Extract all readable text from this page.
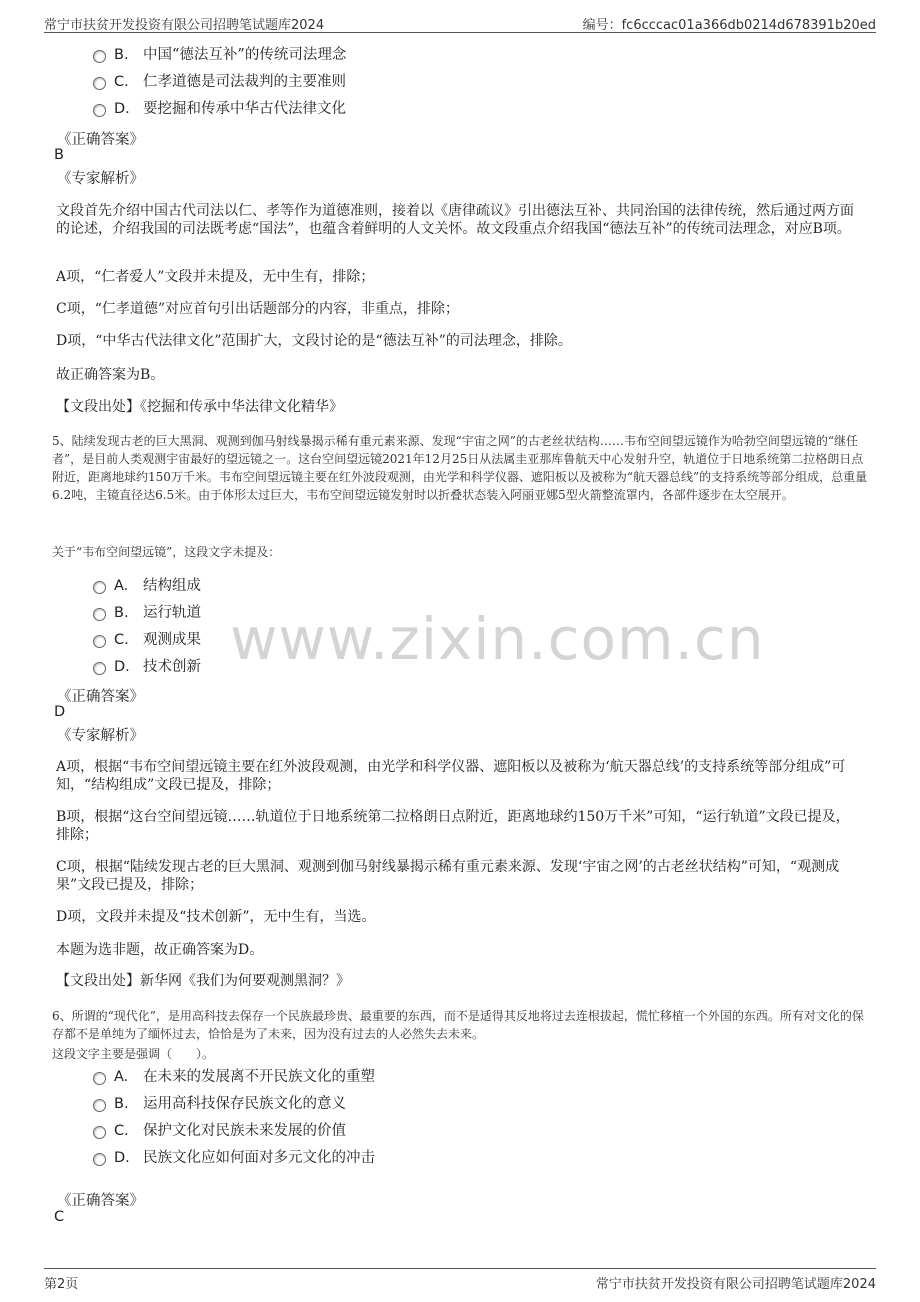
常宁市扶贫开发投资有限公司招聘笔试题库2024	编号：fc6cccac01a366db0214d678391b20ed
www.zixin.com.cn
B. 中国“德法互补”的传统司法理念
C. 仁孝道德是司法裁判的主要准则
D. 要挖掘和传承中华古代法律文化
《正确答案》
B
《专家解析》
文段首先介绍中国古代司法以仁、孝等作为道德准则，接着以《唐律疏议》引出德法互补、共同治国的法律传统，然后通过两方面的论述，介绍我国的司法既考虑“国法”，也蕴含着鲜明的人文关怀。故文段重点介绍我国“德法互补”的传统司法理念，对应B项。
A项，“仁者爱人”文段并未提及，无中生有，排除；
C项，“仁孝道德”对应首句引出话题部分的内容，非重点，排除；
D项，“中华古代法律文化”范围扩大，文段讨论的是“德法互补”的司法理念，排除。
故正确答案为B。
【文段出处】《挖掘和传承中华法律文化精华》
5、陆续发现古老的巨大黑洞、观测到伽马射线暴揭示稀有重元素来源、发现“宇宙之网”的古老丝状结构……韦布空间望远镜作为哈勃空间望远镜的“继任者”，是目前人类观测宇宙最好的望远镜之一。这台空间望远镜2021年12月25日从法属圭亚那库鲁航天中心发射升空，轨道位于日地系统第二拉格朗日点附近，距离地球约150万千米。韦布空间望远镜主要在红外波段观测，由光学和科学仪器、遮阳板以及被称为“航天器总线”的支持系统等部分组成，总重量6.2吨，主镜直径达6.5米。由于体形太过巨大，韦布空间望远镜发射时以折叠状态装入阿丽亚娜5型火箭整流罩内，各部件逐步在太空展开。
关于“韦布空间望远镜”，这段文字未提及：
A. 结构组成
B. 运行轨道
C. 观测成果
D. 技术创新
《正确答案》
D
《专家解析》
A项，根据“韦布空间望远镜主要在红外波段观测，由光学和科学仪器、遮阳板以及被称为‘航天器总线’的支持系统等部分组成”可知，“结构组成”文段已提及，排除；
B项，根据“这台空间望远镜……轨道位于日地系统第二拉格朗日点附近，距离地球约150万千米”可知，“运行轨道”文段已提及，排除；
C项，根据“陆续发现古老的巨大黑洞、观测到伽马射线暴揭示稀有重元素来源、发现‘宇宙之网’的古老丝状结构”可知，“观测成果”文段已提及，排除；
D项，文段并未提及“技术创新”，无中生有，当选。
本题为选非题，故正确答案为D。
【文段出处】新华网《我们为何要观测黑洞？》
6、所谓的“现代化”，是用高科技去保存一个民族最珍贵、最重要的东西，而不是适得其反地将过去连根拔起，慌忙移植一个外国的东西。所有对文化的保存都不是单纯为了缅怀过去，恰恰是为了未来，因为没有过去的人必然失去未来。
这段文字主要是强调（　　）。
A. 在未来的发展离不开民族文化的重塑
B. 运用高科技保存民族文化的意义
C. 保护文化对民族未来发展的价值
D. 民族文化应如何面对多元文化的冲击
《正确答案》
C
第2页	常宁市扶贫开发投资有限公司招聘笔试题库2024
